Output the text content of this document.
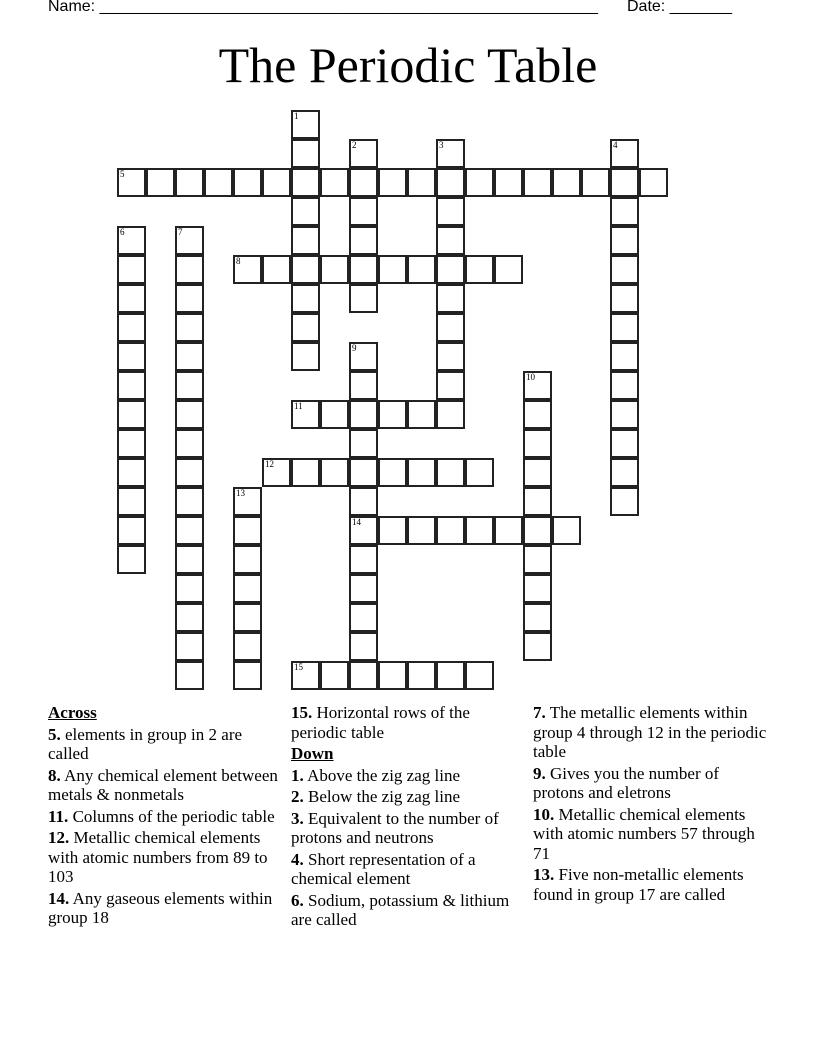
Name: ________________________________________________________ Date: _______
The Periodic Table
1
2	3	4
5
6	7
8
9
14
10
11
12
13
15
Across
5. elements in group in 2 are called
8. Any chemical element between metals & nonmetals
11. Columns of the periodic table
12. Metallic chemical elements with atomic numbers from 89 to 103
14. Any gaseous elements within group 18
15. Horizontal rows of the periodic table
Down
1. Above the zig zag line
2. Below the zig zag line
3. Equivalent to the number of protons and neutrons
4. Short representation of a chemical element
6. Sodium, potassium & lithium are called
7. The metallic elements within group 4 through 12 in the periodic table
9. Gives you the number of protons and eletrons
10. Metallic chemical elements with atomic numbers 57 through 71
13. Five non-metallic elements found in group 17 are called
